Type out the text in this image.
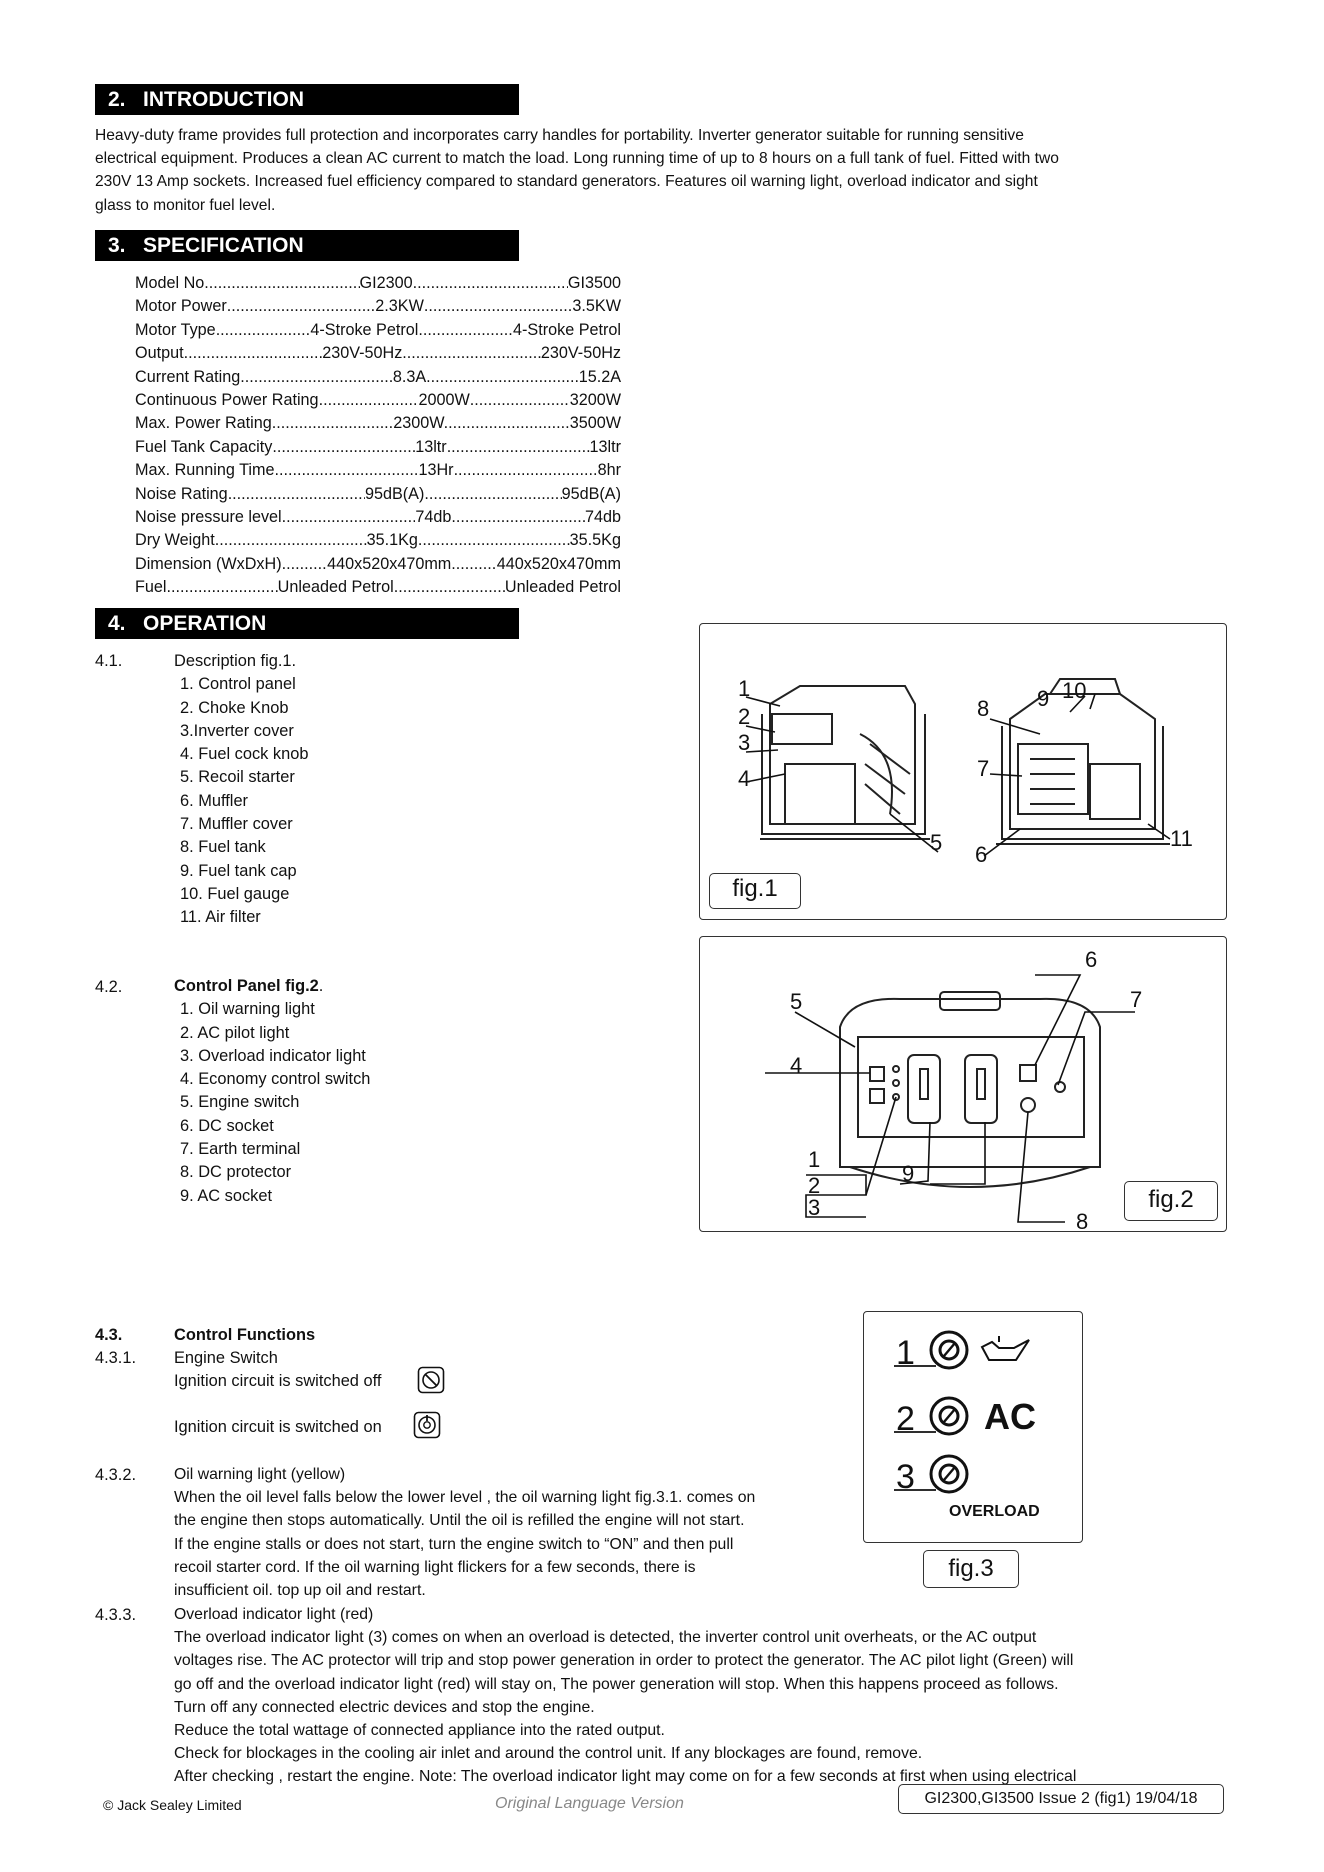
2.   INTRODUCTION
Heavy-duty frame provides full protection and incorporates carry handles for portability. Inverter generator suitable for running sensitive
electrical equipment. Produces a clean AC current to match the load. Long running time of up to 8 hours on a full tank of fuel. Fitted with two
230V 13 Amp sockets. Increased fuel efficiency compared to standard generators. Features oil warning light, overload indicator and sight
glass to monitor fuel level.
3.   SPECIFICATION
Model No .....	GI2300 .....	GI3500
Motor Power .....	2.3KW .....	3.5KW
Motor Type .....	4-Stroke Petrol .....	4-Stroke Petrol
Output .....	230V-50Hz .....	230V-50Hz
Current Rating .....	8.3A .....	15.2A
Continuous Power Rating .....	2000W .....	3200W
Max. Power Rating .....	2300W. .....	3500W
Fuel Tank Capacity .....	13ltr .....	13ltr
Max. Running Time .....	13Hr .....	8hr
Noise Rating .....	95dB(A) .....	95dB(A)
Noise pressure level .....	74db .....	74db
Dry Weight .....	35.1Kg .....	35.5Kg
Dimension (WxDxH) .....	440x520x470mm .....	440x520x470mm
Fuel .....	Unleaded Petrol .....	Unleaded Petrol
4.   OPERATION
4.1.	Description fig.1.
1. Control panel
2. Choke Knob
3.Inverter cover
4. Fuel cock knob
5. Recoil starter
6. Muffler
7. Muffler cover
8. Fuel tank
9. Fuel tank cap
10. Fuel gauge
11. Air filter
4.2.	Control Panel fig.2.
1. Oil warning light
2. AC pilot light
3. Overload indicator light
4. Economy control switch
5. Engine switch
6. DC socket
7. Earth terminal
8. DC protector
9. AC socket
4.3.	Control Functions
4.3.1. Engine Switch
Ignition circuit is switched off
Ignition circuit is switched on
4.3.2. Oil warning light (yellow)
When the oil level falls below the lower level , the oil warning light fig.3.1. comes on
the engine then stops automatically. Until the oil is refilled the engine will not start.
If the engine stalls or does not start, turn the engine switch to “ON” and then pull
recoil starter cord. If the oil warning light flickers for a few seconds, there is
insufficient oil. top up oil and restart.
4.3.3. Overload indicator light (red)
The overload indicator light (3) comes on when an overload is detected, the inverter control unit overheats, or the AC output
voltages rise. The AC protector will trip and stop power generation in order to protect the generator. The AC pilot light (Green) will
go off and the overload indicator light (red) will stay on, The power generation will stop. When this happens proceed as follows.
Turn off any connected electric devices and stop the engine.
Reduce the total wattage of connected appliance into the rated output.
Check for blockages in the cooling air inlet and around the control unit. If any blockages are found, remove.
After checking , restart the engine. Note: The overload indicator light may come on for a few seconds at first when using electrical
1
2
3
4
5
8 9 10
7
6
11
fig.1
6
5	7
4
1
2
3
9
8
fig.2
1
2 AC
3
OVERLOAD
fig.3
© Jack Sealey Limited	Original Language Version	GI2300,GI3500 Issue 2 (fig1) 19/04/18
